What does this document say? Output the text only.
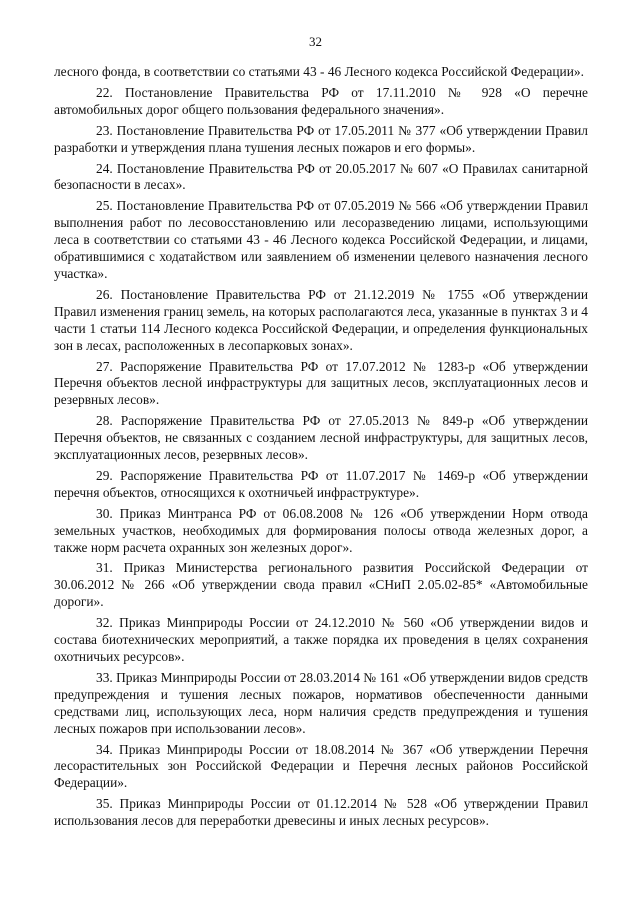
32

лесного фонда, в соответствии со статьями 43 - 46 Лесного кодекса Российской Федерации».

22. Постановление Правительства РФ от 17.11.2010 № 928 «О перечне автомобильных дорог общего пользования федерального значения».

23. Постановление Правительства РФ от 17.05.2011 № 377 «Об утверждении Правил разработки и утверждения плана тушения лесных пожаров и его формы».

24. Постановление Правительства РФ от 20.05.2017 № 607 «О Правилах санитарной безопасности в лесах».

25. Постановление Правительства РФ от 07.05.2019 № 566 «Об утверждении Правил выполнения работ по лесовосстановлению или лесоразведению лицами, использующими леса в соответствии со статьями 43 - 46 Лесного кодекса Российской Федерации, и лицами, обратившимися с ходатайством или заявлением об изменении целевого назначения лесного участка».

26. Постановление Правительства РФ от 21.12.2019 № 1755 «Об утверждении Правил изменения границ земель, на которых располагаются леса, указанные в пунктах 3 и 4 части 1 статьи 114 Лесного кодекса Российской Федерации, и определения функциональных зон в лесах, расположенных в лесопарковых зонах».

27. Распоряжение Правительства РФ от 17.07.2012 № 1283-р «Об утверждении Перечня объектов лесной инфраструктуры для защитных лесов, эксплуатационных лесов и резервных лесов».

28. Распоряжение Правительства РФ от 27.05.2013 № 849-р «Об утверждении Перечня объектов, не связанных с созданием лесной инфраструктуры, для защитных лесов, эксплуатационных лесов, резервных лесов».

29. Распоряжение Правительства РФ от 11.07.2017 № 1469-р «Об утверждении перечня объектов, относящихся к охотничьей инфраструктуре».

30. Приказ Минтранса РФ от 06.08.2008 № 126 «Об утверждении Норм отвода земельных участков, необходимых для формирования полосы отвода железных дорог, а также норм расчета охранных зон железных дорог».

31. Приказ Министерства регионального развития Российской Федерации от 30.06.2012 № 266 «Об утверждении свода правил «СНиП 2.05.02-85* «Автомобильные дороги».

32. Приказ Минприроды России от 24.12.2010 № 560 «Об утверждении видов и состава биотехнических мероприятий, а также порядка их проведения в целях сохранения охотничьих ресурсов».

33. Приказ Минприроды России от 28.03.2014 № 161 «Об утверждении видов средств предупреждения и тушения лесных пожаров, нормативов обеспеченности данными средствами лиц, использующих леса, норм наличия средств предупреждения и тушения лесных пожаров при использовании лесов».

34. Приказ Минприроды России от 18.08.2014 № 367 «Об утверждении Перечня лесорастительных зон Российской Федерации и Перечня лесных районов Российской Федерации».

35. Приказ Минприроды России от 01.12.2014 № 528 «Об утверждении Правил использования лесов для переработки древесины и иных лесных ресурсов».
